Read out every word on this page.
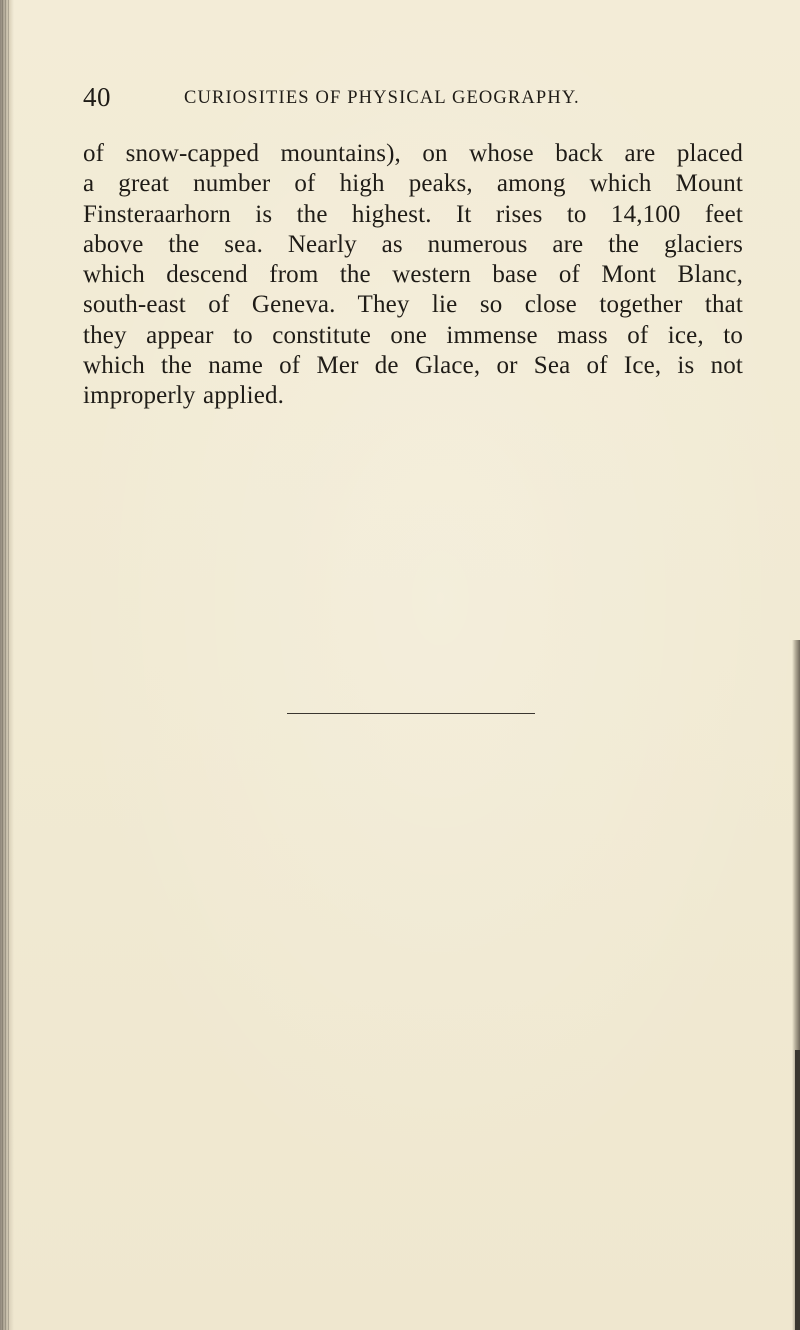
40	CURIOSITIES OF PHYSICAL GEOGRAPHY.
of snow-capped mountains), on whose back are placed
a great number of high peaks, among which Mount
Finsteraarhorn is the highest. It rises to 14,100 feet
above the sea. Nearly as numerous are the glaciers
which descend from the western base of Mont Blanc,
south-east of Geneva. They lie so close together that
they appear to constitute one immense mass of ice, to
which the name of Mer de Glace, or Sea of Ice, is not
improperly applied.
